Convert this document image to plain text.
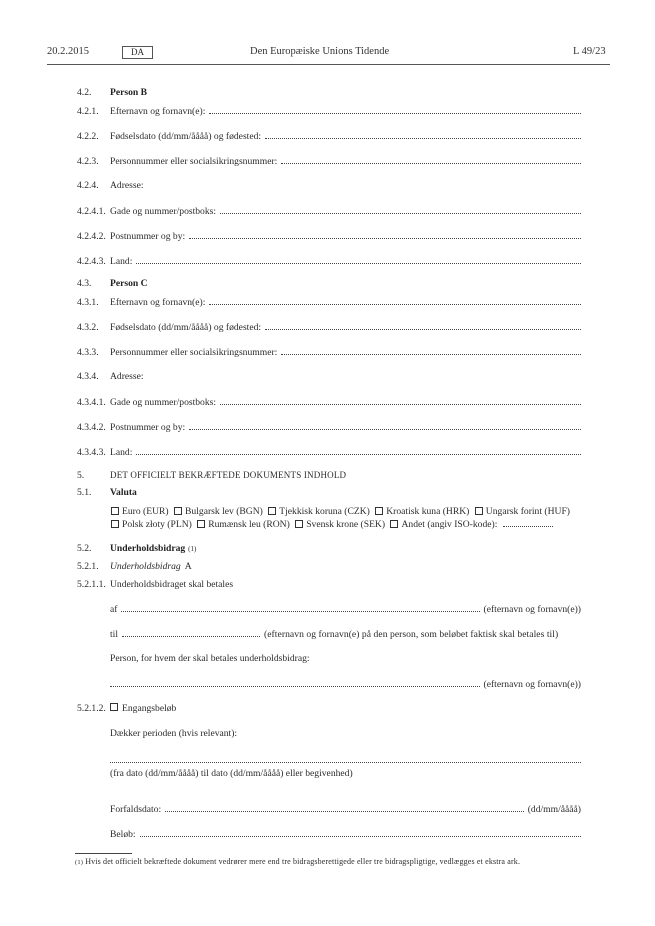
20.2.2015	DA	Den Europæiske Unions Tidende	L 49/23
4.2.	Person B
4.2.1.	Efternavn og fornavn(e):
4.2.2.	Fødselsdato (dd/mm/åååå) og fødested:
4.2.3.	Personnummer eller socialsikringsnummer:
4.2.4.	Adresse:
4.2.4.1. Gade og nummer/postboks:
4.2.4.2. Postnummer og by:
4.2.4.3. Land:
4.3.	Person C
4.3.1.	Efternavn og fornavn(e):
4.3.2.	Fødselsdato (dd/mm/åååå) og fødested:
4.3.3.	Personnummer eller socialsikringsnummer:
4.3.4.	Adresse:
4.3.4.1. Gade og nummer/postboks:
4.3.4.2. Postnummer og by:
4.3.4.3. Land:
5.	DET OFFICIELT BEKRÆFTEDE DOKUMENTS INDHOLD
5.1.	Valuta
Euro (EUR) Bulgarsk lev (BGN) Tjekkisk koruna (CZK) Kroatisk kuna (HRK) Ungarsk forint (HUF)
Polsk złoty (PLN) Rumænsk leu (RON) Svensk krone (SEK) Andet (angiv ISO-kode):
5.2.	Underholdsbidrag (1)
5.2.1.	Underholdsbidrag A
5.2.1.1. Underholdsbidraget skal betales
af	(efternavn og fornavn(e))
til	(efternavn og fornavn(e) på den person, som beløbet faktisk skal betales til)
Person, for hvem der skal betales underholdsbidrag:
(efternavn og fornavn(e))
5.2.1.2.	Engangsbeløb
Dækker perioden (hvis relevant):
(fra dato (dd/mm/åååå) til dato (dd/mm/åååå) eller begivenhed)
Forfaldsdato:	(dd/mm/åååå)
Beløb:
(1) Hvis det officielt bekræftede dokument vedrører mere end tre bidragsberettigede eller tre bidragspligtige, vedlægges et ekstra ark.
